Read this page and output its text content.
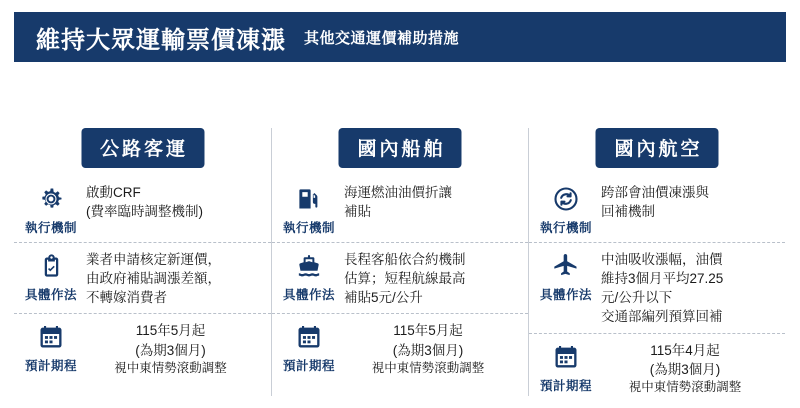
維持大眾運輸票價凍漲 其他交通運價補助措施
公路客運
執行機制
啟動CRF
(費率臨時調整機制)
具體作法
業者申請核定新運價，
由政府補貼調漲差額，
不轉嫁消費者
預計期程
115年5月起
(為期3個月)
視中東情勢滾動調整
國內船舶
執行機制
海運燃油油價折讓
補貼
具體作法
長程客船依合約機制
估算；短程航線最高
補貼5元/公升
預計期程
115年5月起
(為期3個月)
視中東情勢滾動調整
國內航空
執行機制
跨部會油價凍漲與
回補機制
具體作法
中油吸收漲幅，油價
維持3個月平均27.25
元/公升以下
交通部編列預算回補
預計期程
115年4月起
(為期3個月)
視中東情勢滾動調整
